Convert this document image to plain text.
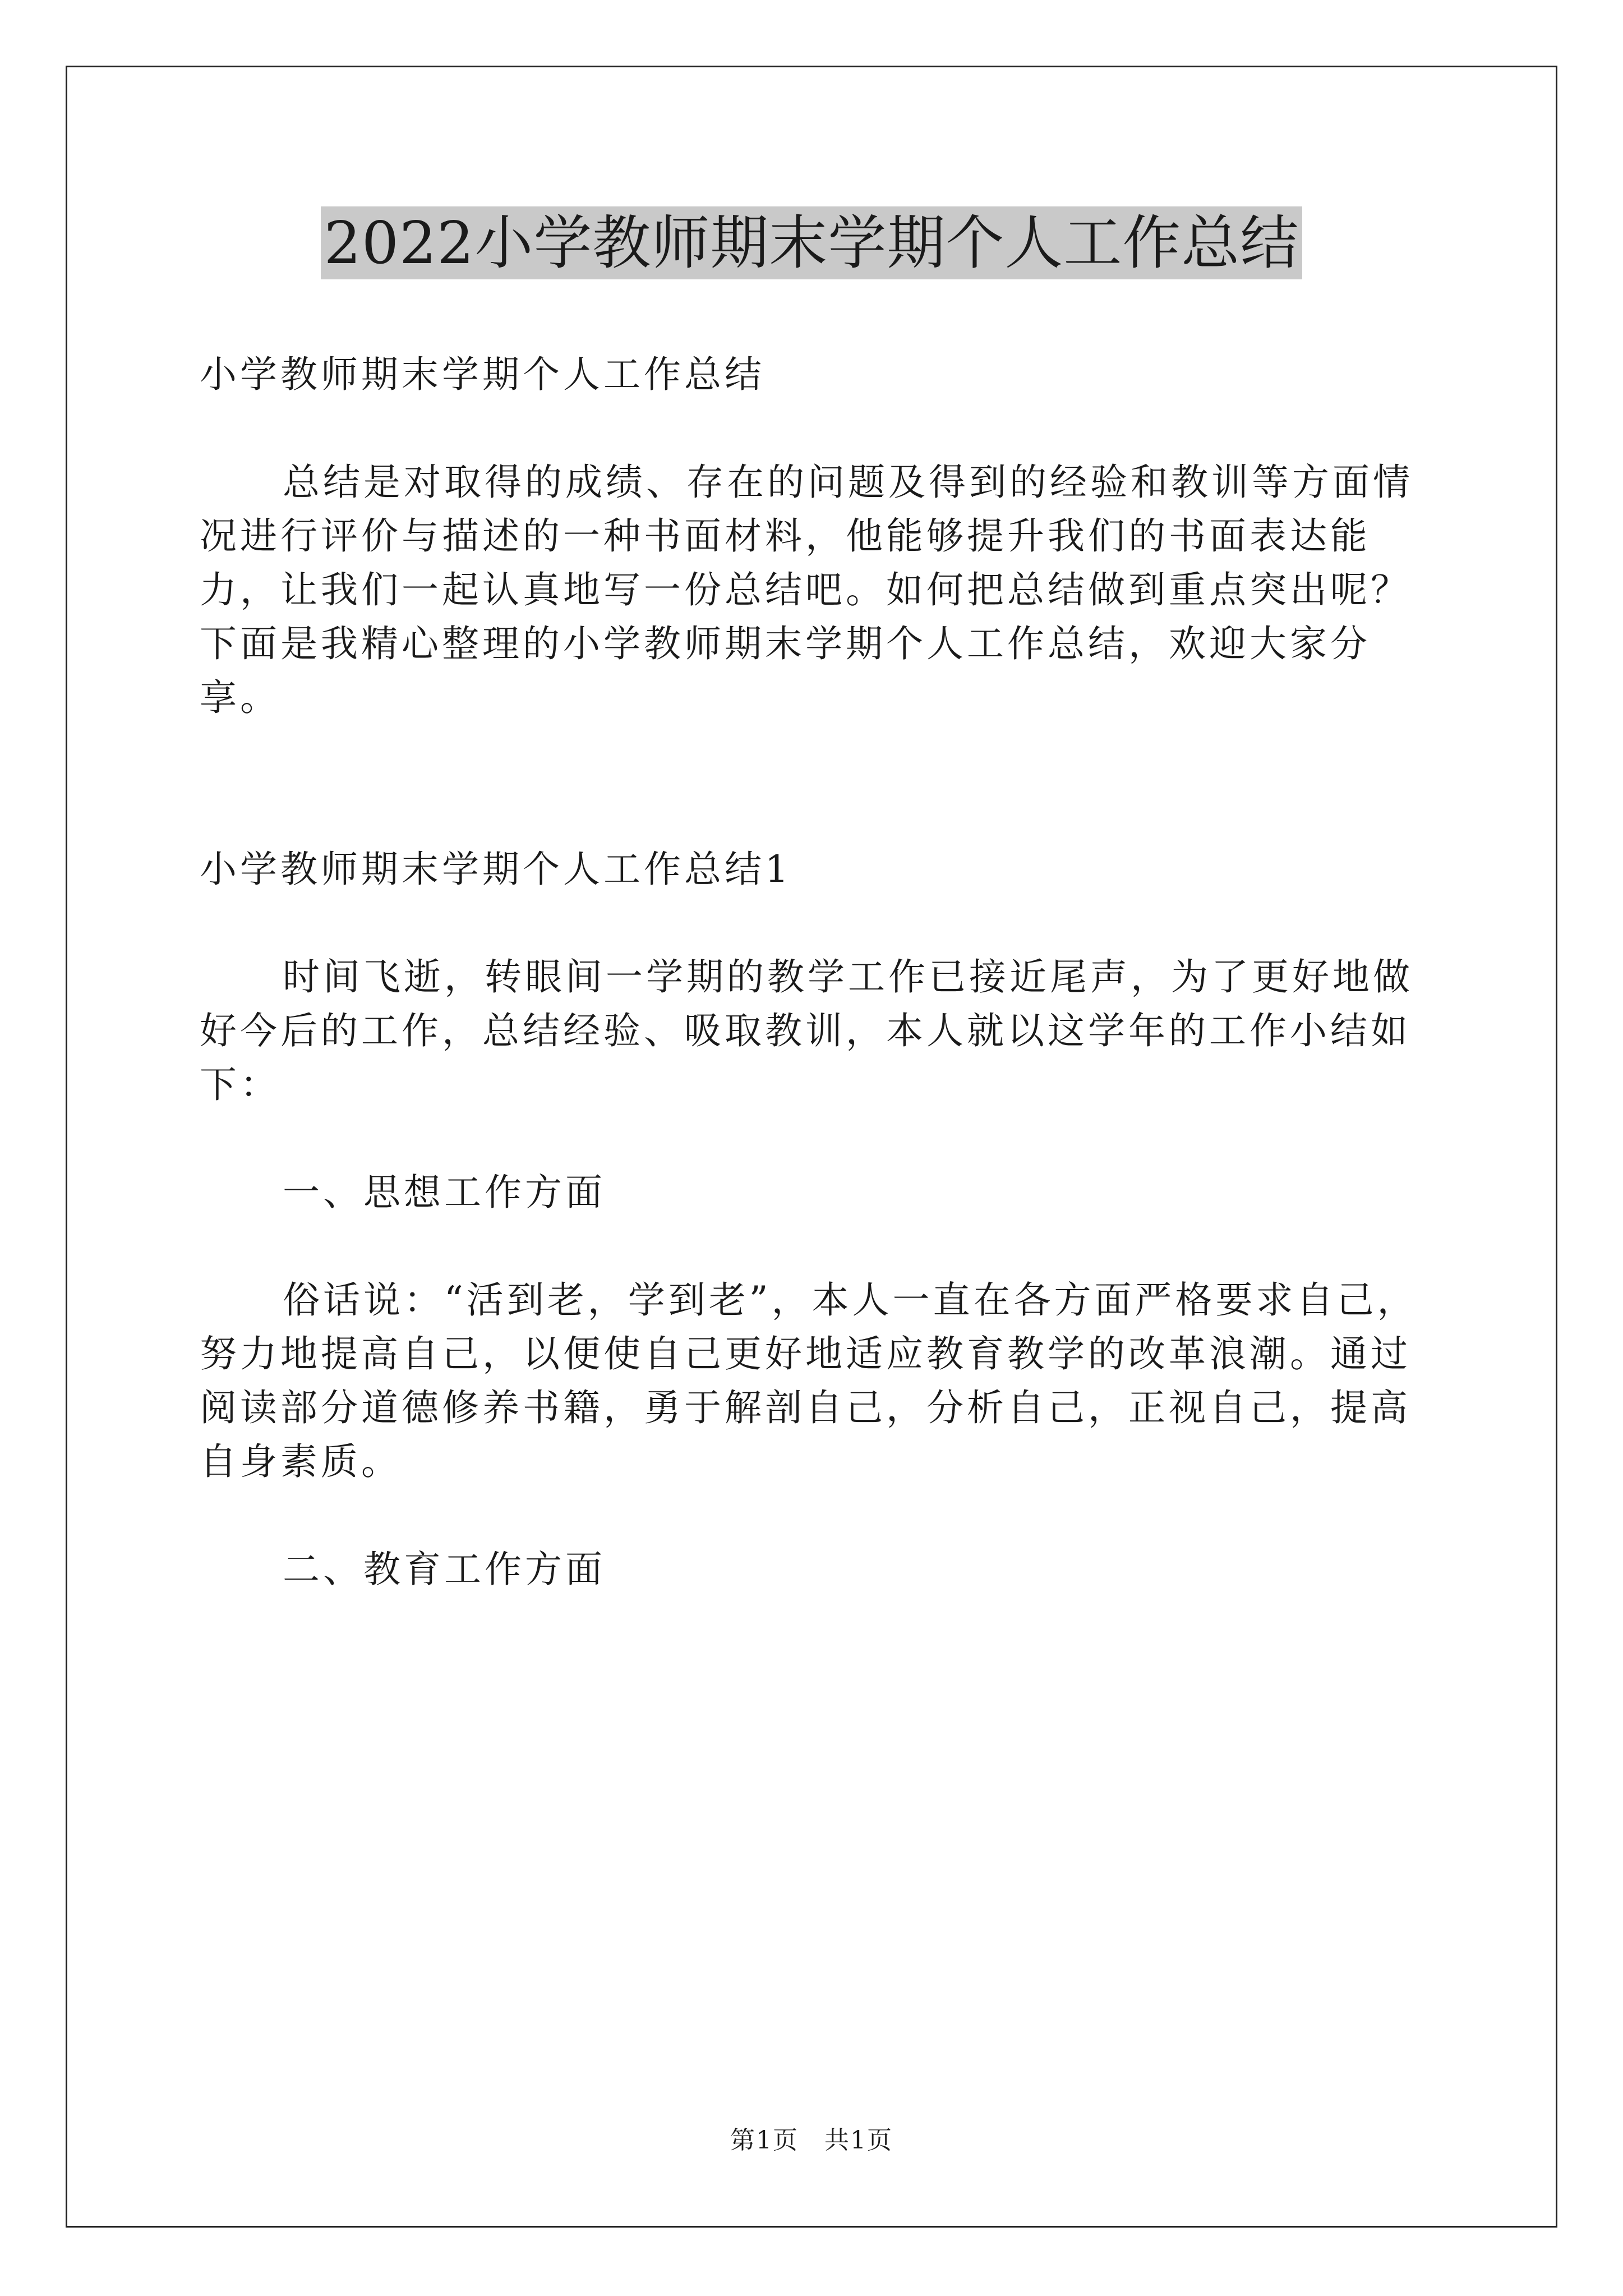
2022小学教师期末学期个人工作总结

小学教师期末学期个人工作总结

总结是对取得的成绩、存在的问题及得到的经验和教训等方面情况进行评价与描述的一种书面材料，他能够提升我们的书面表达能力，让我们一起认真地写一份总结吧。如何把总结做到重点突出呢？下面是我精心整理的小学教师期末学期个人工作总结，欢迎大家分享。

小学教师期末学期个人工作总结1

时间飞逝，转眼间一学期的教学工作已接近尾声，为了更好地做好今后的工作，总结经验、吸取教训，本人就以这学年的工作小结如下：

一、思想工作方面

俗话说：“活到老，学到老”，本人一直在各方面严格要求自己，努力地提高自己，以便使自己更好地适应教育教学的改革浪潮。通过阅读部分道德修养书籍，勇于解剖自己，分析自己，正视自己，提高自身素质。

二、教育工作方面

第1页 共1页
